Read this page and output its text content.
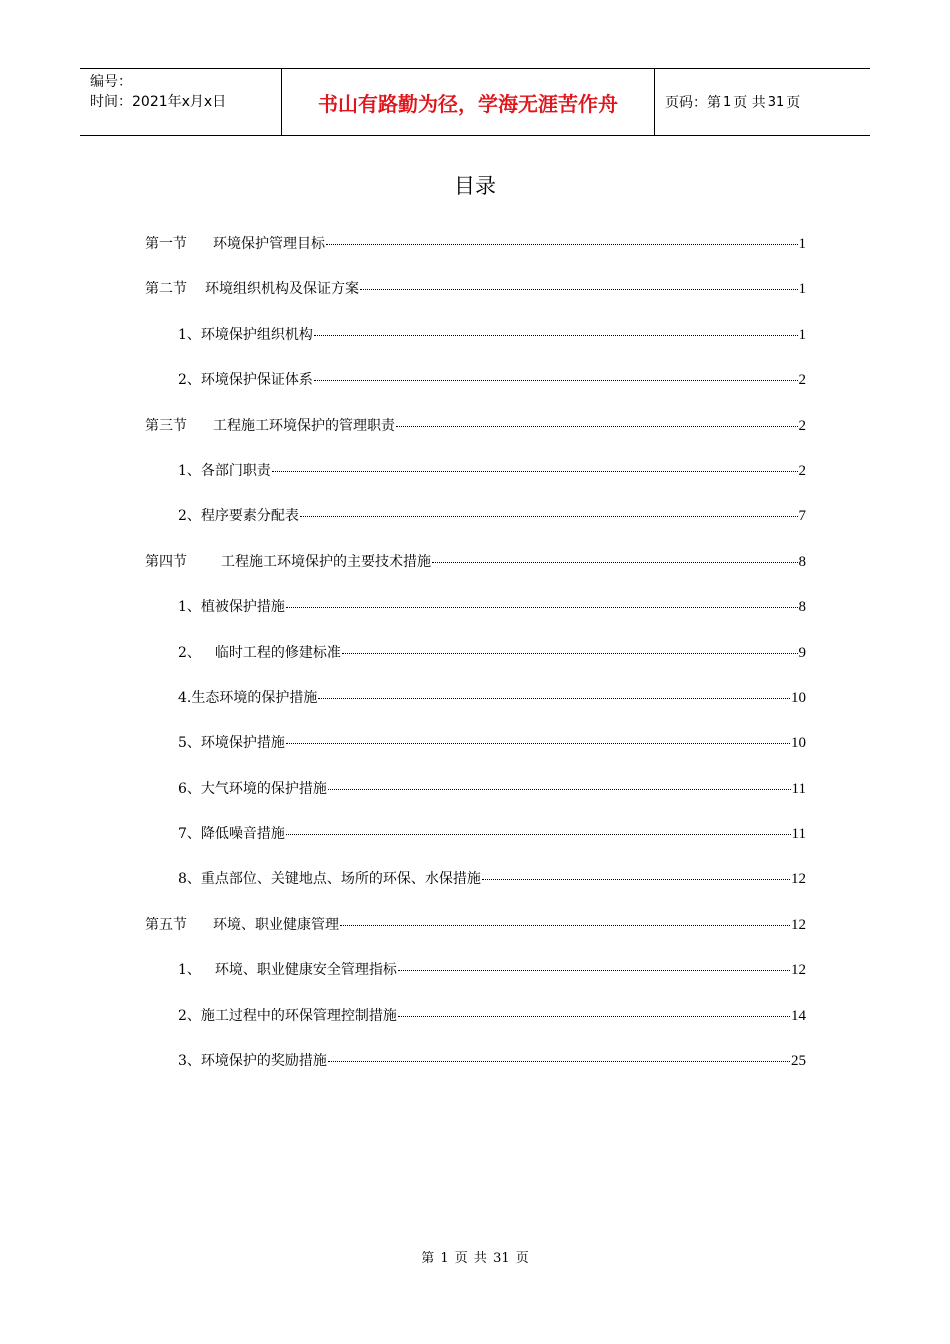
编号：
时间：2021年x月x日	书山有路勤为径，学海无涯苦作舟	页码：第 1 页 共 31 页
目录
第一节 环境保护管理目标	1
第二节 环境组织机构及保证方案	1
1、环境保护组织机构	1
2、环境保护保证体系	2
第三节 工程施工环境保护的管理职责	2
1、各部门职责	2
2、程序要素分配表	7
第四节 工程施工环境保护的主要技术措施	8
1、植被保护措施	8
2、 临时工程的修建标准	9
4.生态环境的保护措施	10
5、环境保护措施	10
6、大气环境的保护措施	11
7、降低噪音措施	11
8、重点部位、关键地点、场所的环保、水保措施	12
第五节 环境、职业健康管理	12
1、 环境、职业健康安全管理指标	12
2、施工过程中的环保管理控制措施	14
3、环境保护的奖励措施	25
第 1 页 共 31 页
